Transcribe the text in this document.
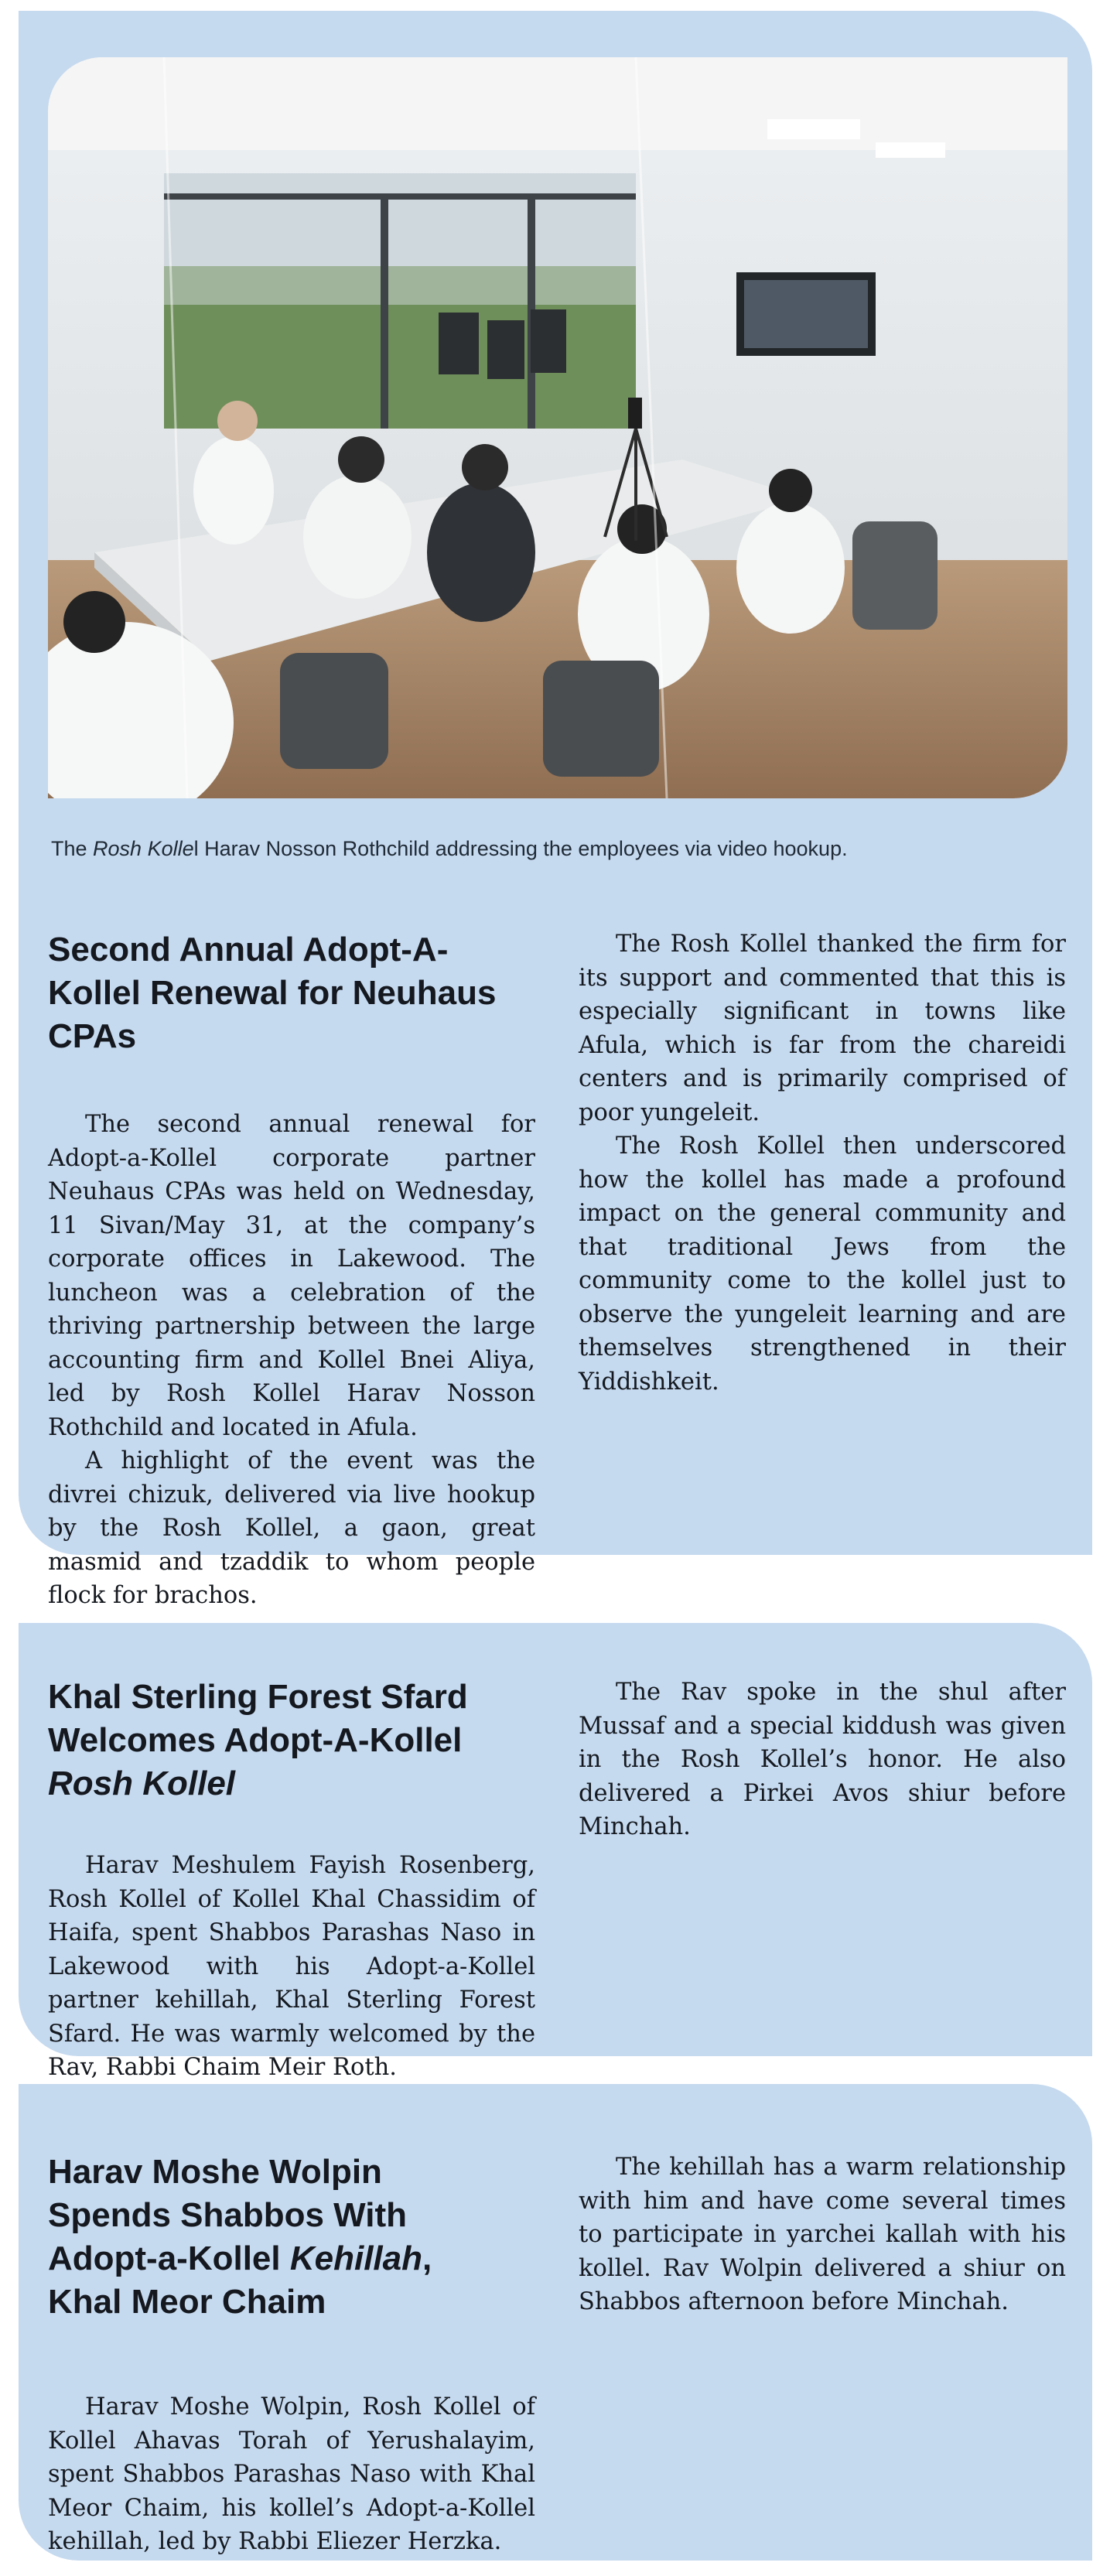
The Rosh Kollel Harav Nosson Rothchild addressing the employees via video hookup.

Second Annual Adopt-A-Kollel Renewal for Neuhaus CPAs

The second annual renewal for Adopt-a-Kollel corporate partner Neuhaus CPAs was held on Wednesday, 11 Sivan/May 31, at the company’s corporate offices in Lakewood. The luncheon was a celebration of the thriving partnership between the large accounting firm and Kollel Bnei Aliya, led by Rosh Kollel Harav Nosson Rothchild and located in Afula.

A highlight of the event was the divrei chizuk, delivered via live hookup by the Rosh Kollel, a gaon, great masmid and tzaddik to whom people flock for brachos.

The Rosh Kollel thanked the firm for its support and commented that this is especially significant in towns like Afula, which is far from the chareidi centers and is primarily comprised of poor yungeleit.

The Rosh Kollel then underscored how the kollel has made a profound impact on the general community and that traditional Jews from the community come to the kollel just to observe the yungeleit learning and are themselves strengthened in their Yiddishkeit.

Khal Sterling Forest Sfard Welcomes Adopt-A-Kollel Rosh Kollel

Harav Meshulem Fayish Rosenberg, Rosh Kollel of Kollel Khal Chassidim of Haifa, spent Shabbos Parashas Naso in Lakewood with his Adopt-a-Kollel partner kehillah, Khal Sterling Forest Sfard. He was warmly welcomed by the Rav, Rabbi Chaim Meir Roth.

The Rav spoke in the shul after Mussaf and a special kiddush was given in the Rosh Kollel’s honor. He also delivered a Pirkei Avos shiur before Minchah.

Harav Moshe Wolpin Spends Shabbos With Adopt-a-Kollel Kehillah, Khal Meor Chaim

Harav Moshe Wolpin, Rosh Kollel of Kollel Ahavas Torah of Yerushalayim, spent Shabbos Parashas Naso with Khal Meor Chaim, his kollel’s Adopt-a-Kollel kehillah, led by Rabbi Eliezer Herzka.

The kehillah has a warm relationship with him and have come several times to participate in yarchei kallah with his kollel. Rav Wolpin delivered a shiur on Shabbos afternoon before Minchah.
